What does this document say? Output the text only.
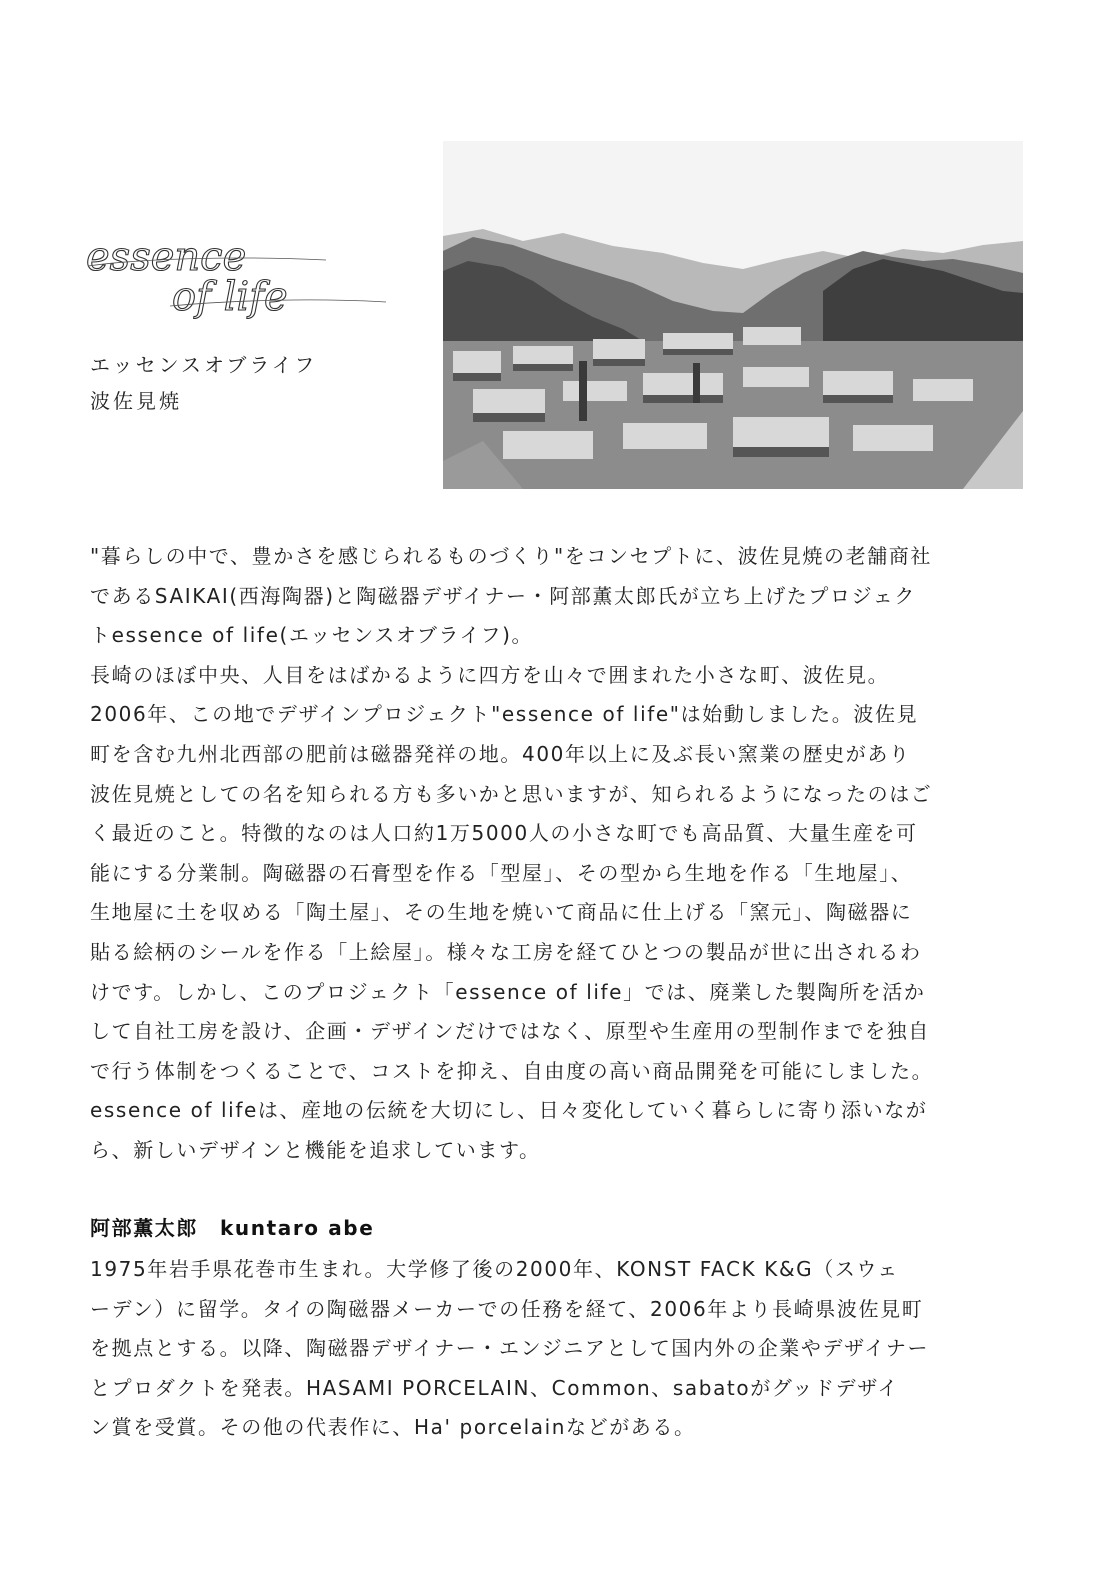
essence
of life
エッセンスオブライフ
波佐見焼

"暮らしの中で、豊かさを感じられるものづくり"をコンセプトに、波佐見焼の老舗商社

であるSAIKAI(西海陶器)と陶磁器デザイナー・阿部薫太郎氏が立ち上げたプロジェク

トessence of life(エッセンスオブライフ)。

長崎のほぼ中央、人目をはばかるように四方を山々で囲まれた小さな町、波佐見。

2006年、この地でデザインプロジェクト"essence of life"は始動しました。波佐見

町を含む九州北西部の肥前は磁器発祥の地。400年以上に及ぶ長い窯業の歴史があり

波佐見焼としての名を知られる方も多いかと思いますが、知られるようになったのはご

く最近のこと。特徴的なのは人口約1万5000人の小さな町でも高品質、大量生産を可

能にする分業制。陶磁器の石膏型を作る「型屋」、その型から生地を作る「生地屋」、

生地屋に土を収める「陶土屋」、その生地を焼いて商品に仕上げる「窯元」、陶磁器に

貼る絵柄のシールを作る「上絵屋」。様々な工房を経てひとつの製品が世に出されるわ

けです。しかし、このプロジェクト「essence of life」では、廃業した製陶所を活か

して自社工房を設け、企画・デザインだけではなく、原型や生産用の型制作までを独自

で行う体制をつくることで、コストを抑え、自由度の高い商品開発を可能にしました。

essence of lifeは、産地の伝統を大切にし、日々変化していく暮らしに寄り添いなが

ら、新しいデザインと機能を追求しています。

阿部薫太郎 kuntaro abe

1975年岩手県花巻市生まれ。大学修了後の2000年、KONST FACK K&G（スウェ

ーデン）に留学。タイの陶磁器メーカーでの任務を経て、2006年より長崎県波佐見町

を拠点とする。以降、陶磁器デザイナー・エンジニアとして国内外の企業やデザイナー

とプロダクトを発表。HASAMI PORCELAIN、Common、sabatoがグッドデザイ

ン賞を受賞。その他の代表作に、Ha' porcelainなどがある。
